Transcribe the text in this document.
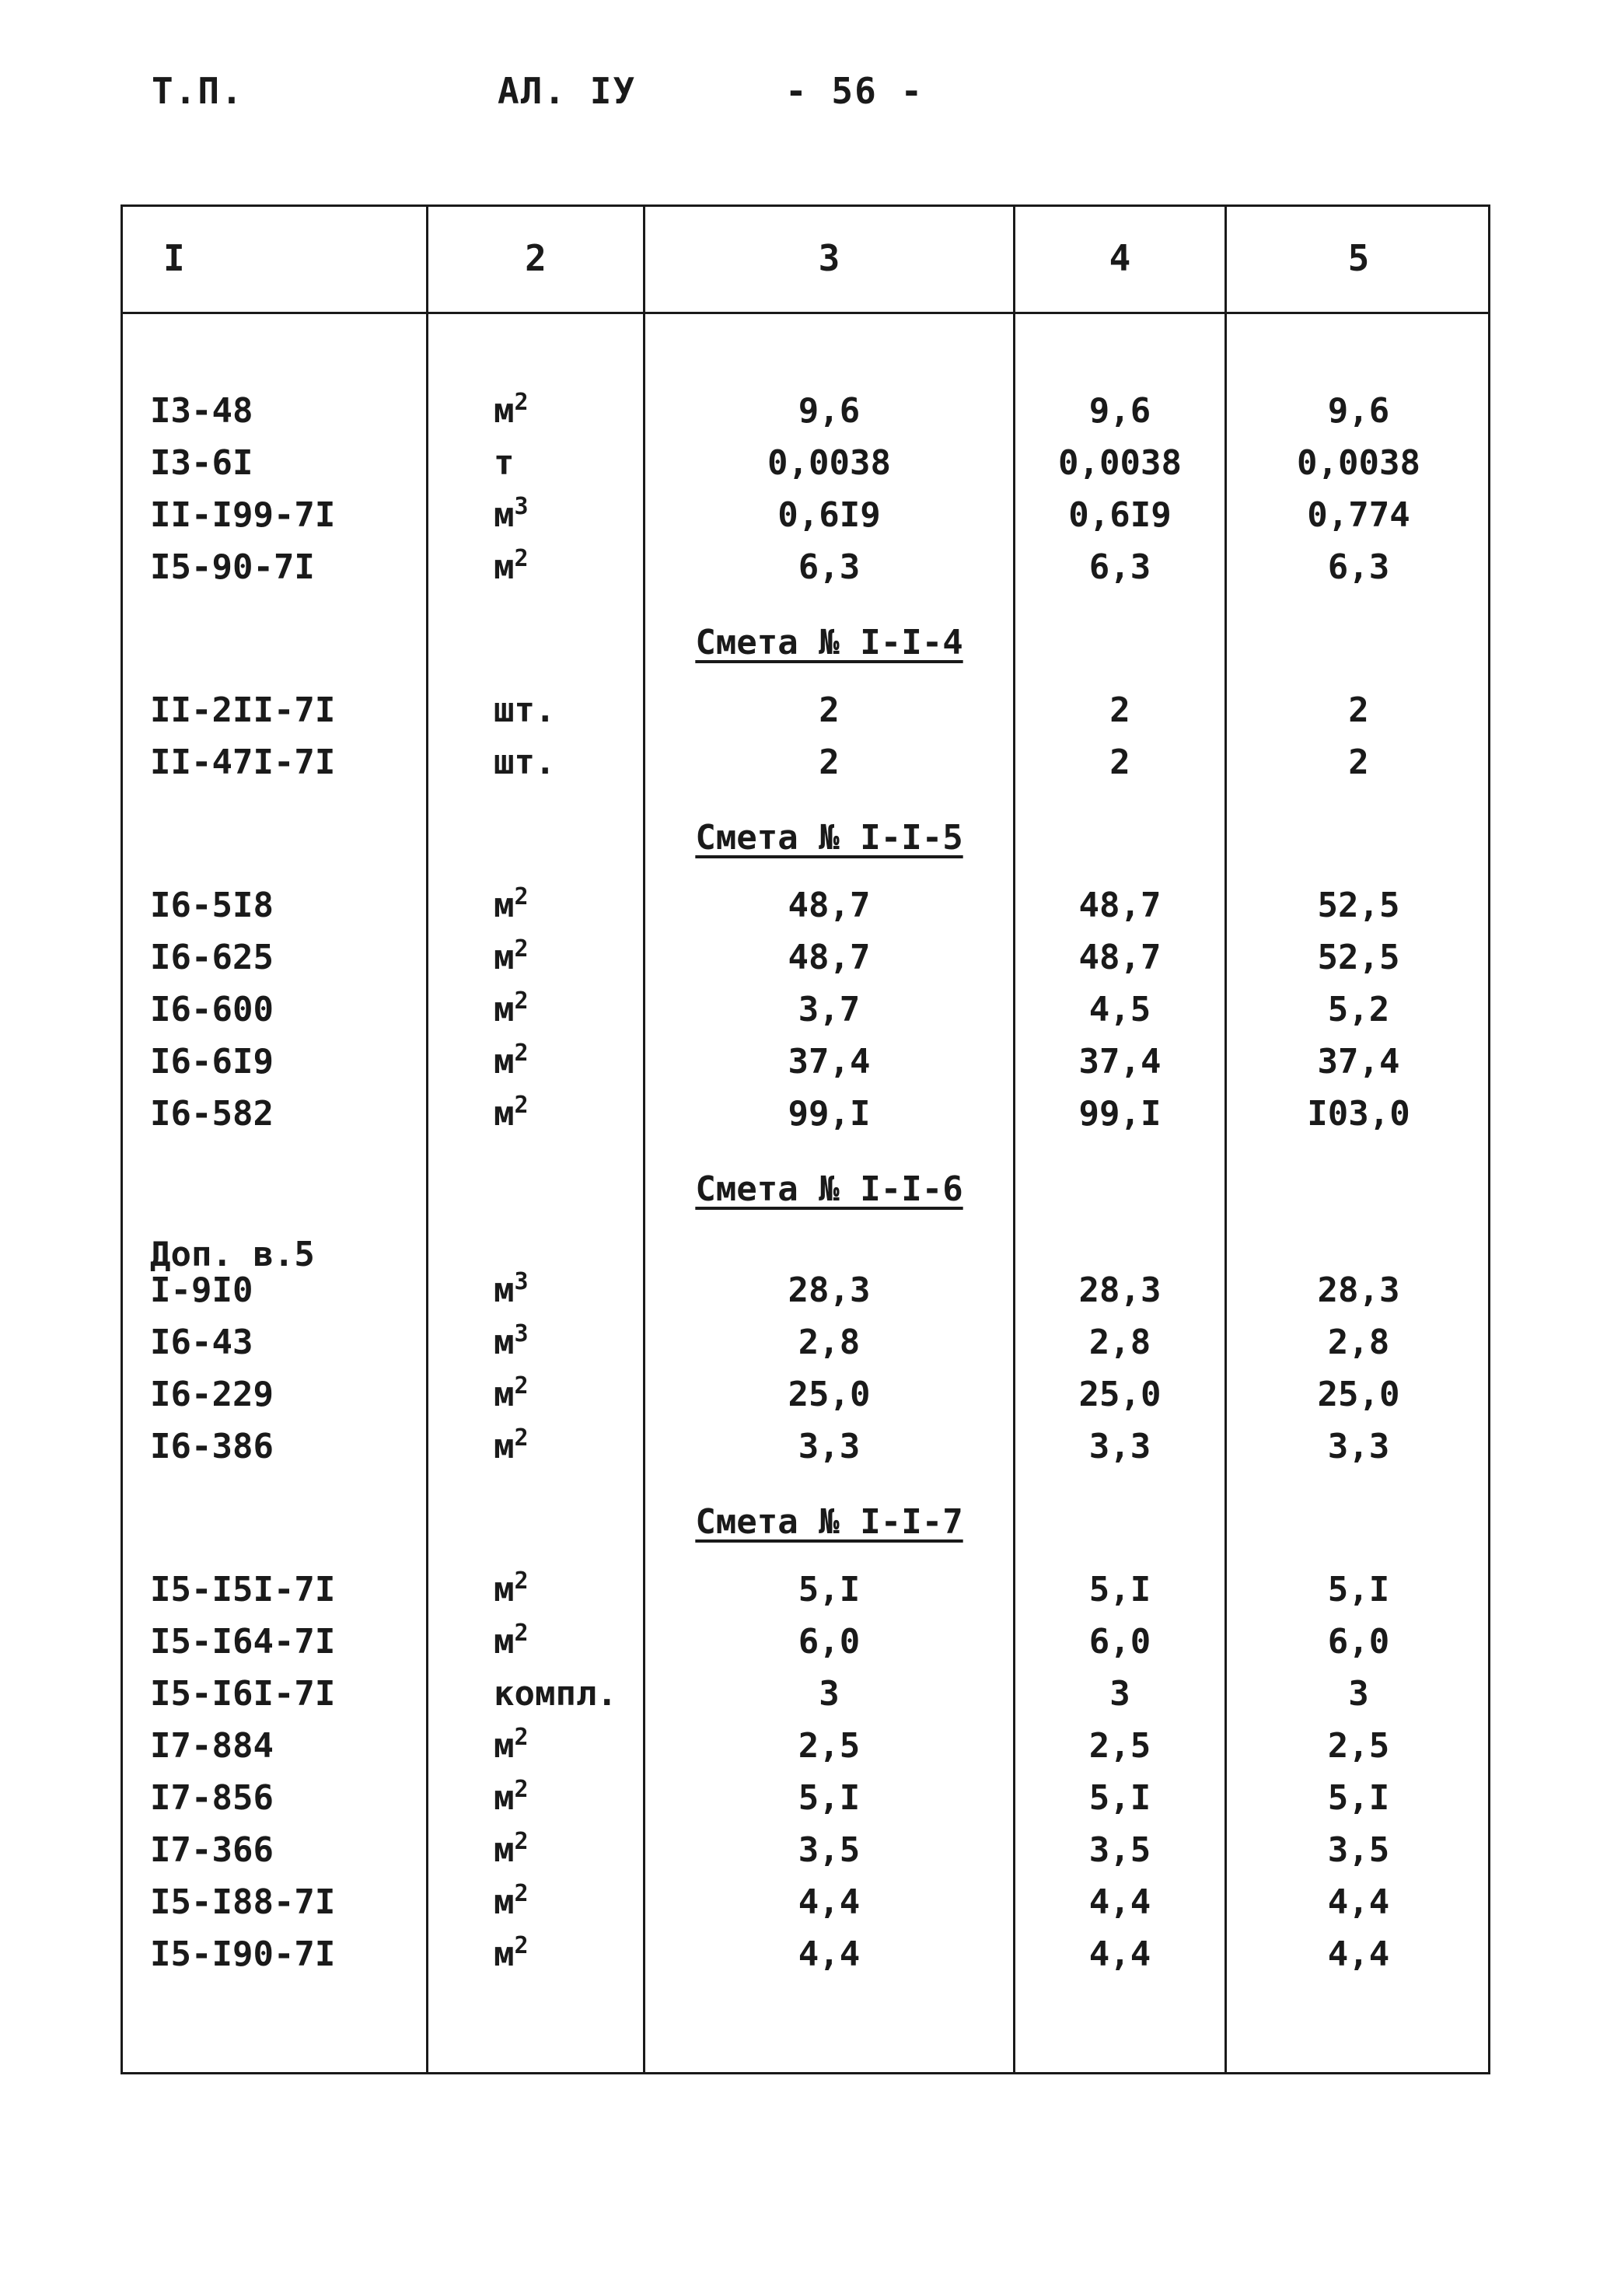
Т.П.	АЛ. IУ	- 56 -
I	2	3	4	5
I3-48	$м^2$	9,6	9,6	9,6
I3-6I	т	0,0038	0,0038	0,0038
II-I99-7I	$м^3$	0,6I9	0,6I9	0,774
I5-90-7I	$м^2$	6,3	6,3	6,3
Смета № I-I-4
II-2II-7I	шт.	2	2	2
II-47I-7I	шт.	2	2	2
Смета № I-I-5
I6-5I8	$м^2$	48,7	48,7	52,5
I6-625	$м^2$	48,7	48,7	52,5
I6-600	$м^2$	3,7	4,5	5,2
I6-6I9	$м^2$	37,4	37,4	37,4
I6-582	$м^2$	99,I	99,I	I03,0
Смета № I-I-6
Доп. в.5
I-9I0	$м^3$	28,3	28,3	28,3
I6-43	$м^3$	2,8	2,8	2,8
I6-229	$м^2$	25,0	25,0	25,0
I6-386	$м^2$	3,3	3,3	3,3
Смета № I-I-7
I5-I5I-7I	$м^2$	5,I	5,I	5,I
I5-I64-7I	$м^2$	6,0	6,0	6,0
I5-I6I-7I	компл.	3	3	3
I7-884	$м^2$	2,5	2,5	2,5
I7-856	$м^2$	5,I	5,I	5,I
I7-366	$м^2$	3,5	3,5	3,5
I5-I88-7I	$м^2$	4,4	4,4	4,4
I5-I90-7I	$м^2$	4,4	4,4	4,4
